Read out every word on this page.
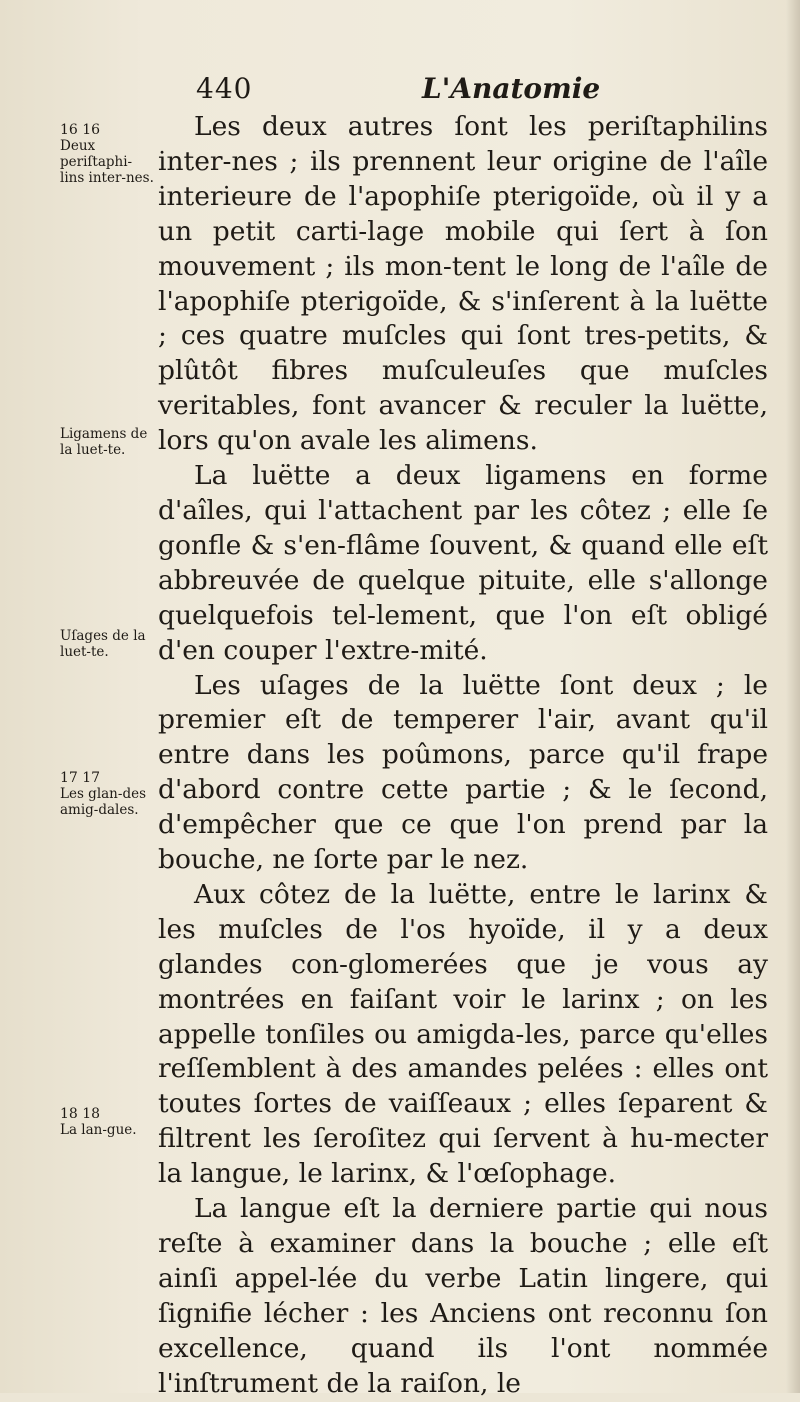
440	L'Anatomie
16 16
Deux periſtaphi-lins inter-nes.
Ligamens de la luet-te.
Uſages de la luet-te.
17 17
Les glan-des amig-dales.
18 18
La lan-gue.

Les deux autres ſont les periſtaphilins inter-nes ; ils prennent leur origine de l'aîle interieure de l'apophiſe pterigoïde, où il y a un petit carti-lage mobile qui ſert à ſon mouvement ; ils mon-tent le long de l'aîle de l'apophiſe pterigoïde, & s'inſerent à la luëtte ; ces quatre muſcles qui ſont tres-petits, & plûtôt fibres muſculeuſes que muſcles veritables, font avancer & reculer la luëtte, lors qu'on avale les alimens.

La luëtte a deux ligamens en forme d'aîles, qui l'attachent par les côtez ; elle ſe gonfle & s'en-flâme ſouvent, & quand elle eſt abbreuvée de quelque pituite, elle s'allonge quelquefois tel-lement, que l'on eſt obligé d'en couper l'extre-mité.

Les uſages de la luëtte ſont deux ; le premier eſt de temperer l'air, avant qu'il entre dans les poûmons, parce qu'il frape d'abord contre cette partie ; & le ſecond, d'empêcher que ce que l'on prend par la bouche, ne ſorte par le nez.

Aux côtez de la luëtte, entre le larinx & les muſcles de l'os hyoïde, il y a deux glandes con-glomerées que je vous ay montrées en faiſant voir le larinx ; on les appelle tonſiles ou amigda-les, parce qu'elles reſſemblent à des amandes pelées : elles ont toutes ſortes de vaiſſeaux ; elles ſeparent & filtrent les ſeroſitez qui ſervent à hu-mecter la langue, le larinx, & l'œſophage.

La langue eſt la derniere partie qui nous reſte à examiner dans la bouche ; elle eſt ainſi appel-lée du verbe Latin lingere, qui ſignifie lécher : les Anciens ont reconnu ſon excellence, quand ils l'ont nommée l'inſtrument de la raiſon, le
